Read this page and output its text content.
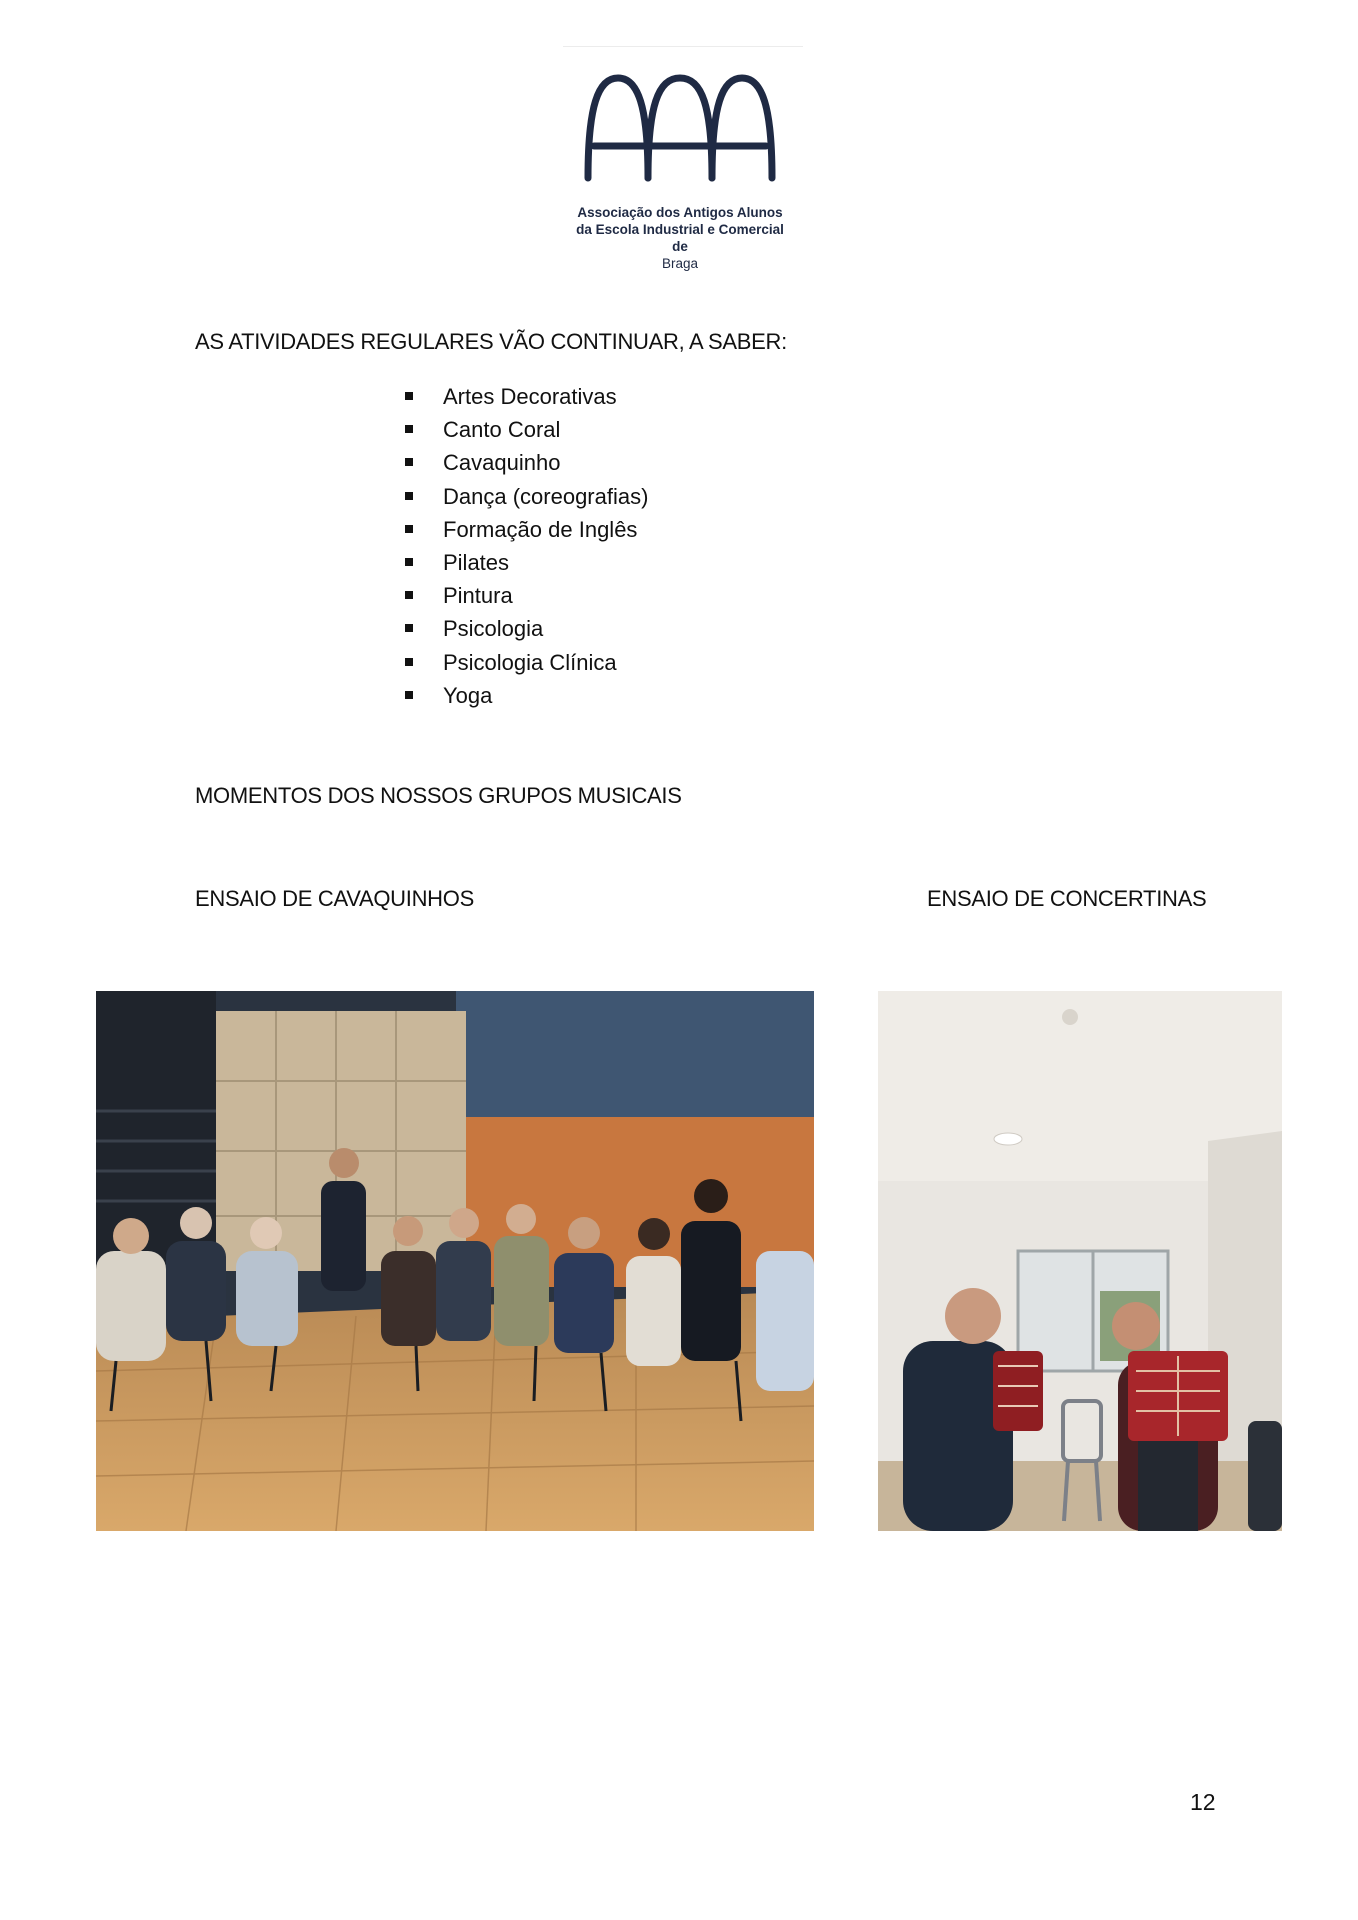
Associação dos Antigos Alunos
da Escola Industrial e Comercial
de
Braga
AS ATIVIDADES REGULARES VÃO CONTINUAR, A SABER:
Artes Decorativas
Canto Coral
Cavaquinho
Dança (coreografias)
Formação de Inglês
Pilates
Pintura
Psicologia
Psicologia Clínica
Yoga
MOMENTOS DOS NOSSOS GRUPOS MUSICAIS
ENSAIO DE CAVAQUINHOS	ENSAIO DE CONCERTINAS
12
